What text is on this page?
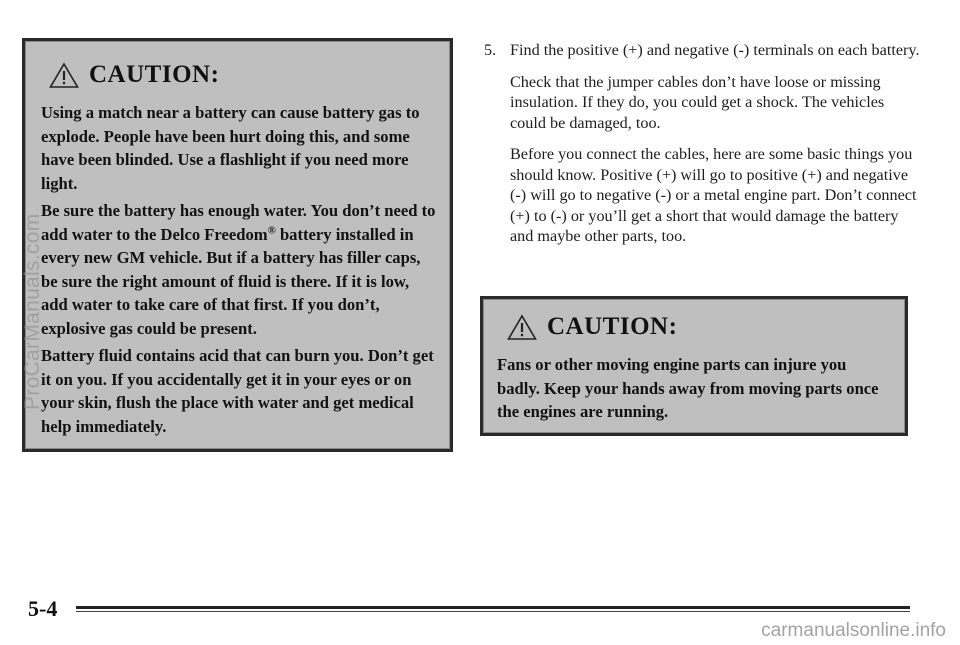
CAUTION:

Using a match near a battery can cause battery gas to explode. People have been hurt doing this, and some have been blinded. Use a flashlight if you need more light.

Be sure the battery has enough water. You don’t need to add water to the Delco Freedom® battery installed in every new GM vehicle. But if a battery has filler caps, be sure the right amount of fluid is there. If it is low, add water to take care of that first. If you don’t, explosive gas could be present.

Battery fluid contains acid that can burn you. Don’t get it on you. If you accidentally get it in your eyes or on your skin, flush the place with water and get medical help immediately.

5. Find the positive (+) and negative (-) terminals on each battery.

Check that the jumper cables don’t have loose or missing insulation. If they do, you could get a shock. The vehicles could be damaged, too.

Before you connect the cables, here are some basic things you should know. Positive (+) will go to positive (+) and negative (-) will go to negative (-) or a metal engine part. Don’t connect (+) to (-) or you’ll get a short that would damage the battery and maybe other parts, too.

CAUTION:

Fans or other moving engine parts can injure you badly. Keep your hands away from moving parts once the engines are running.

ProCarManuals.com
5-4
carmanualsonline.info
